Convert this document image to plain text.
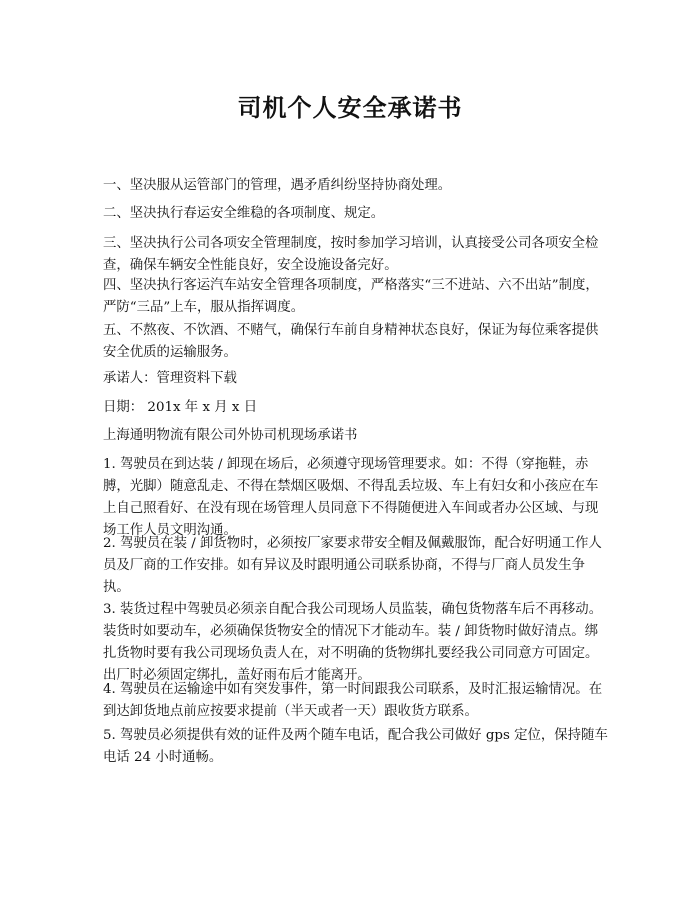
司机个人安全承诺书

一、坚决服从运管部门的管理，遇矛盾纠纷坚持协商处理。

二、坚决执行春运安全维稳的各项制度、规定。

三、坚决执行公司各项安全管理制度，按时参加学习培训，认真接受公司各项安全检查，确保车辆安全性能良好，安全设施设备完好。

四、坚决执行客运汽车站安全管理各项制度，严格落实“三不进站、六不出站”制度，严防“三品”上车，服从指挥调度。

五、不熬夜、不饮酒、不赌气，确保行车前自身精神状态良好，保证为每位乘客提供安全优质的运输服务。

承诺人：管理资料下载

日期： 201x 年 x 月 x 日

上海通明物流有限公司外协司机现场承诺书

1. 驾驶员在到达装 / 卸现在场后，必须遵守现场管理要求。如：不得（穿拖鞋，赤膊，光脚）随意乱走、不得在禁烟区吸烟、不得乱丢垃圾、车上有妇女和小孩应在车上自己照看好、在没有现在场管理人员同意下不得随便进入车间或者办公区域、与现场工作人员文明沟通。

2. 驾驶员在装 / 卸货物时，必须按厂家要求带安全帽及佩戴服饰，配合好明通工作人员及厂商的工作安排。如有异议及时跟明通公司联系协商，不得与厂商人员发生争执。

3. 装货过程中驾驶员必须亲自配合我公司现场人员监装，确包货物落车后不再移动。装货时如要动车，必须确保货物安全的情况下才能动车。装 / 卸货物时做好清点。绑扎货物时要有我公司现场负责人在，对不明确的货物绑扎要经我公司同意方可固定。出厂时必须固定绑扎，盖好雨布后才能离开。

4. 驾驶员在运输途中如有突发事件，第一时间跟我公司联系，及时汇报运输情况。在到达卸货地点前应按要求提前（半天或者一天）跟收货方联系。

5. 驾驶员必须提供有效的证件及两个随车电话，配合我公司做好 gps 定位，保持随车电话 24 小时通畅。
